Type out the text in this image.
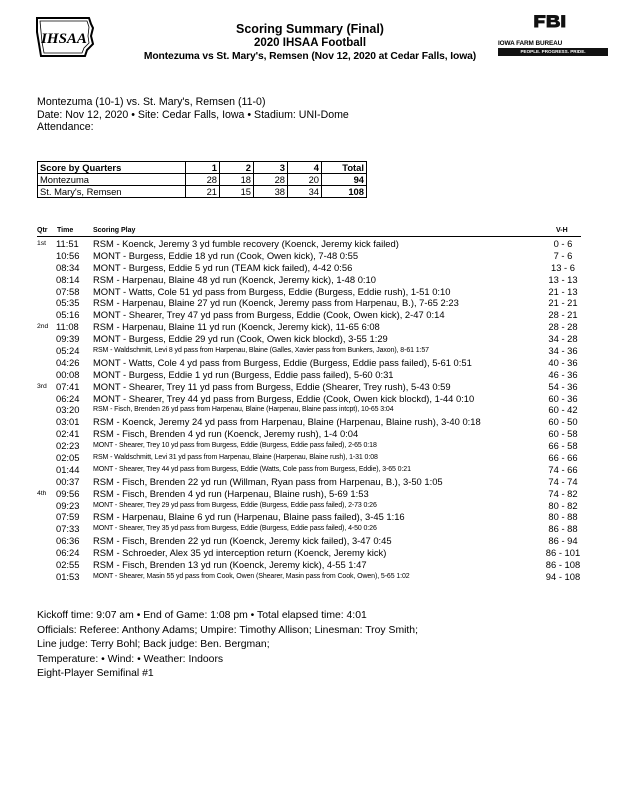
IHSAA
Scoring Summary (Final)
2020 IHSAA Football
Montezuma vs St. Mary's, Remsen (Nov 12, 2020 at Cedar Falls, Iowa)
IOWA FARM BUREAU
PEOPLE. PROGRESS. PRIDE.
Montezuma (10-1) vs. St. Mary's, Remsen (11-0)
Date: Nov 12, 2020 • Site: Cedar Falls, Iowa • Stadium: UNI-Dome
Attendance:
Score by Quarters	1	2	3	4	Total
Montezuma	28	18	28	20	94
St. Mary's, Remsen	21	15	38	34	108
Qtr Time	Scoring Play	V-H
1st 11:51 RSM - Koenck, Jeremy 3 yd fumble recovery (Koenck, Jeremy kick failed)	0 - 6
10:56 MONT - Burgess, Eddie 18 yd run (Cook, Owen kick), 7-48 0:55	7 - 6
08:34 MONT - Burgess, Eddie 5 yd run (TEAM kick failed), 4-42 0:56	13 - 6
08:14 RSM - Harpenau, Blaine 48 yd run (Koenck, Jeremy kick), 1-48 0:10	13 - 13
07:58 MONT - Watts, Cole 51 yd pass from Burgess, Eddie (Burgess, Eddie rush), 1-51 0:10	21 - 13
05:35 RSM - Harpenau, Blaine 27 yd run (Koenck, Jeremy pass from Harpenau, B.), 7-65 2:23	21 - 21
05:16 MONT - Shearer, Trey 47 yd pass from Burgess, Eddie (Cook, Owen kick), 2-47 0:14	28 - 21
2nd 11:08 RSM - Harpenau, Blaine 11 yd run (Koenck, Jeremy kick), 11-65 6:08	28 - 28
09:39 MONT - Burgess, Eddie 29 yd run (Cook, Owen kick blockd), 3-55 1:29	34 - 28
05:24 RSM - Waldschmitt, Levi 8 yd pass from Harpenau, Blaine (Galles, Xavier pass from Bunkers, Jaxon), 8-61 1:57	34 - 36
04:26 MONT - Watts, Cole 4 yd pass from Burgess, Eddie (Burgess, Eddie pass failed), 5-61 0:51	40 - 36
00:08 MONT - Burgess, Eddie 1 yd run (Burgess, Eddie pass failed), 5-60 0:31	46 - 36
3rd 07:41 MONT - Shearer, Trey 11 yd pass from Burgess, Eddie (Shearer, Trey rush), 5-43 0:59	54 - 36
06:24 MONT - Shearer, Trey 44 yd pass from Burgess, Eddie (Cook, Owen kick blockd), 1-44 0:10	60 - 36
03:20 RSM - Fisch, Brenden 26 yd pass from Harpenau, Blaine (Harpenau, Blaine pass intcpt), 10-65 3:04	60 - 42
03:01 RSM - Koenck, Jeremy 24 yd pass from Harpenau, Blaine (Harpenau, Blaine rush), 3-40 0:18	60 - 50
02:41 RSM - Fisch, Brenden 4 yd run (Koenck, Jeremy rush), 1-4 0:04	60 - 58
02:23 MONT - Shearer, Trey 10 yd pass from Burgess, Eddie (Burgess, Eddie pass failed), 2-65 0:18	66 - 58
02:05 RSM - Waldschmitt, Levi 31 yd pass from Harpenau, Blaine (Harpenau, Blaine rush), 1-31 0:08	66 - 66
01:44 MONT - Shearer, Trey 44 yd pass from Burgess, Eddie (Watts, Cole pass from Burgess, Eddie), 3-65 0:21	74 - 66
00:37 RSM - Fisch, Brenden 22 yd run (Willman, Ryan pass from Harpenau, B.), 3-50 1:05	74 - 74
4th 09:56 RSM - Fisch, Brenden 4 yd run (Harpenau, Blaine rush), 5-69 1:53	74 - 82
09:23 MONT - Shearer, Trey 29 yd pass from Burgess, Eddie (Burgess, Eddie pass failed), 2-73 0:26	80 - 82
07:59 RSM - Harpenau, Blaine 6 yd run (Harpenau, Blaine pass failed), 3-45 1:16	80 - 88
07:33 MONT - Shearer, Trey 35 yd pass from Burgess, Eddie (Burgess, Eddie pass failed), 4-50 0:26	86 - 88
06:36 RSM - Fisch, Brenden 22 yd run (Koenck, Jeremy kick failed), 3-47 0:45	86 - 94
06:24 RSM - Schroeder, Alex 35 yd interception return (Koenck, Jeremy kick)	86 - 101
02:55 RSM - Fisch, Brenden 13 yd run (Koenck, Jeremy kick), 4-55 1:47	86 - 108
01:53 MONT - Shearer, Masin 55 yd pass from Cook, Owen (Shearer, Masin pass from Cook, Owen), 5-65 1:02	94 - 108
Kickoff time: 9:07 am • End of Game: 1:08 pm • Total elapsed time: 4:01
Officials: Referee: Anthony Adams; Umpire: Timothy Allison; Linesman: Troy Smith;
Line judge: Terry Bohl; Back judge: Ben. Bergman;
Temperature: • Wind: • Weather: Indoors
Eight-Player Semifinal #1
